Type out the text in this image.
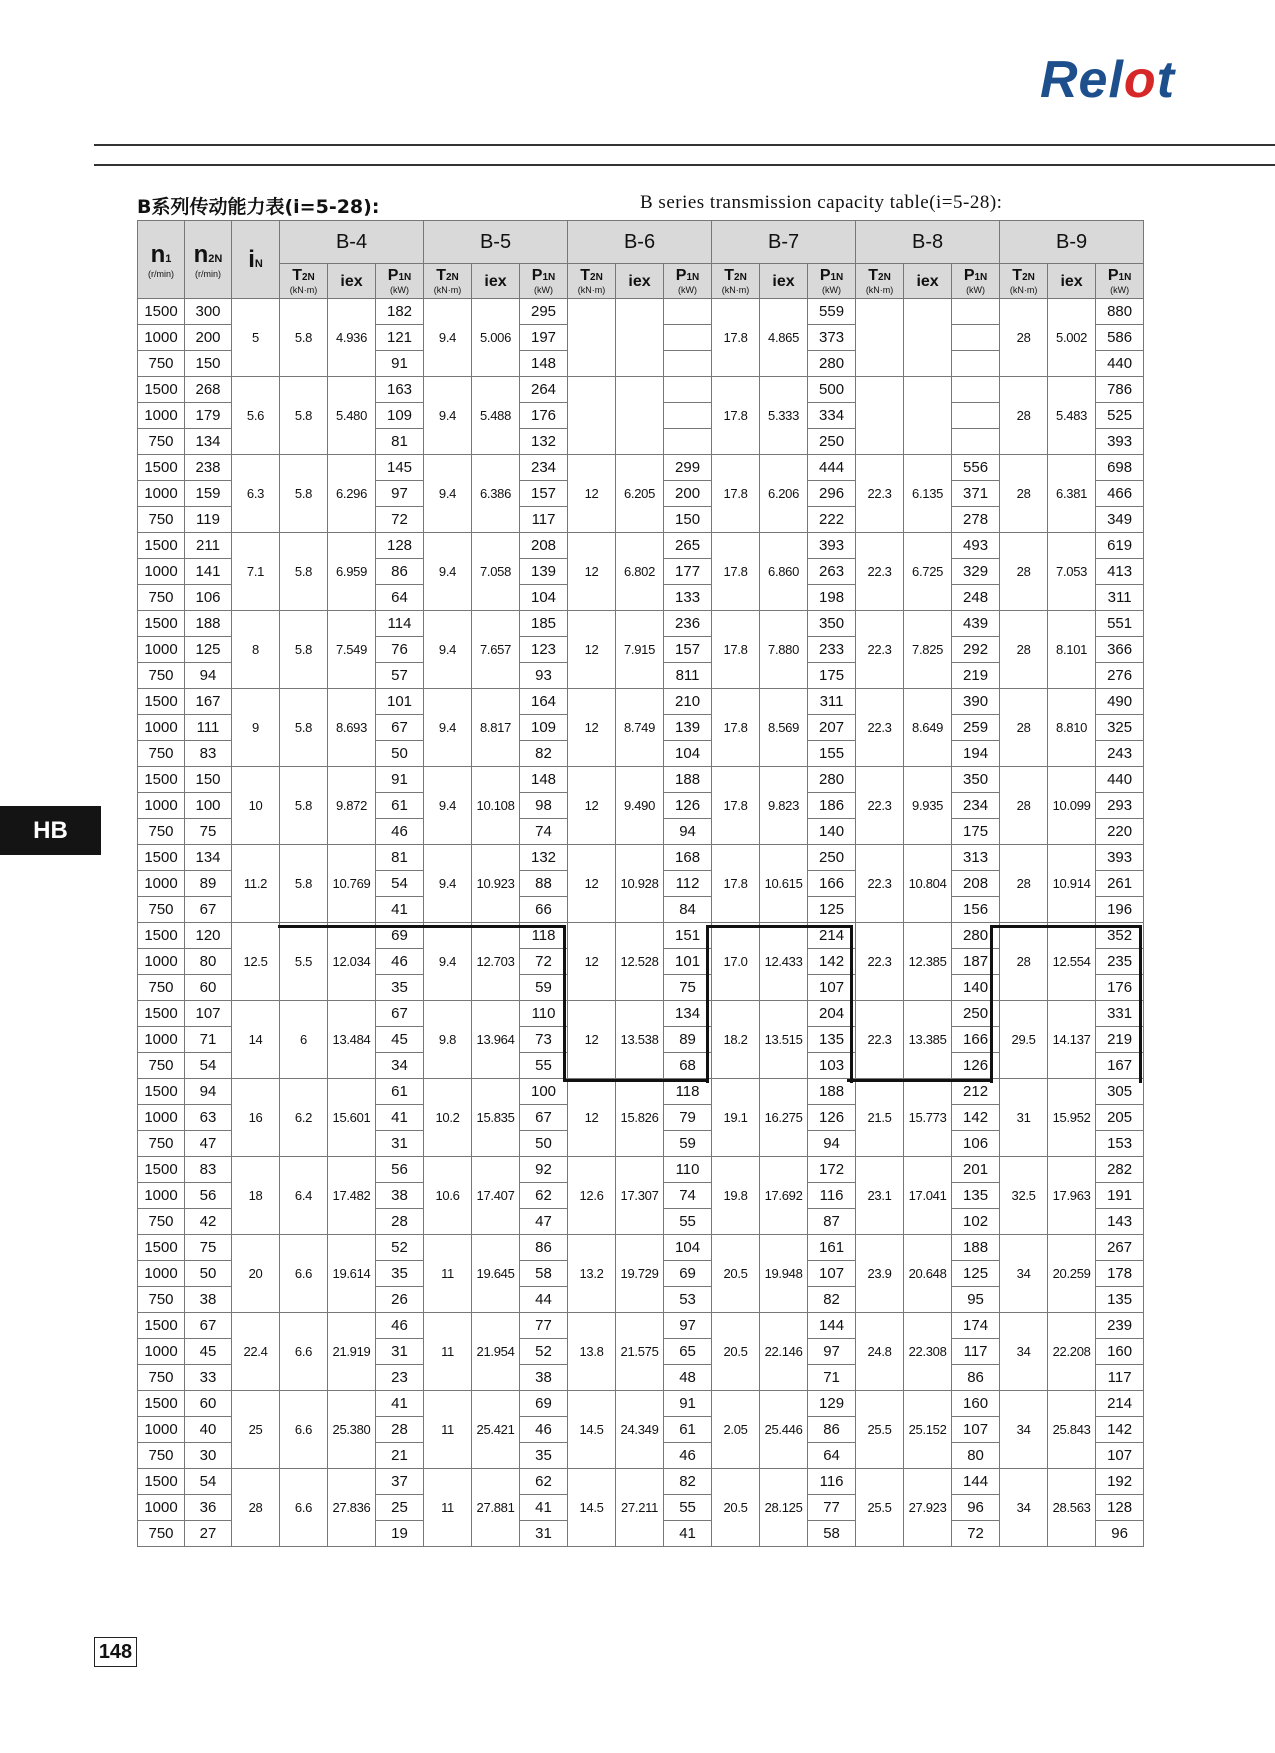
Relot
B系列传动能力表(i=5-28):	B series transmission capacity table(i=5-28):
HB
n1
(r/min)	n2N
(r/min)	iN	B-4			B-5			B-6			B-7			B-8			B-9		

			T2N
(kN·m)	iex	P1N
(kW)	T2N
(kN·m)	iex	P1N
(kW)	T2N
(kN·m)	iex	P1N
(kW)	T2N
(kN·m)	iex	P1N
(kW)	T2N
(kN·m)	iex	P1N
(kW)	T2N
(kN·m)	iex	P1N
(kW)

1500	300	5	5.8	4.936	182	9.4	5.006	295				17.8	4.865	559				28	5.002	880
1000	200				121			197						373						586
750	150				91			148						280						440
1500	268	5.6	5.8	5.480	163	9.4	5.488	264				17.8	5.333	500				28	5.483	786
1000	179				109			176						334						525
750	134				81			132						250						393
1500	238	6.3	5.8	6.296	145	9.4	6.386	234	12	6.205	299	17.8	6.206	444	22.3	6.135	556	28	6.381	698
1000	159				97			157			200			296			371			466
750	119				72			117			150			222			278			349
1500	211	7.1	5.8	6.959	128	9.4	7.058	208	12	6.802	265	17.8	6.860	393	22.3	6.725	493	28	7.053	619
1000	141				86			139			177			263			329			413
750	106				64			104			133			198			248			311
1500	188	8	5.8	7.549	114	9.4	7.657	185	12	7.915	236	17.8	7.880	350	22.3	7.825	439	28	8.101	551
1000	125				76			123			157			233			292			366
750	94				57			93			811			175			219			276
1500	167	9	5.8	8.693	101	9.4	8.817	164	12	8.749	210	17.8	8.569	311	22.3	8.649	390	28	8.810	490
1000	111				67			109			139			207			259			325
750	83				50			82			104			155			194			243
1500	150	10	5.8	9.872	91	9.4	10.108	148	12	9.490	188	17.8	9.823	280	22.3	9.935	350	28	10.099	440
1000	100				61			98			126			186			234			293
750	75				46			74			94			140			175			220
1500	134	11.2	5.8	10.769	81	9.4	10.923	132	12	10.928	168	17.8	10.615	250	22.3	10.804	313	28	10.914	393
1000	89				54			88			112			166			208			261
750	67				41			66			84			125			156			196
1500	120	12.5	5.5	12.034	69	9.4	12.703	118	12	12.528	151	17.0	12.433	214	22.3	12.385	280	28	12.554	352
1000	80				46			72			101			142			187			235
750	60				35			59			75			107			140			176
1500	107	14	6	13.484	67	9.8	13.964	110	12	13.538	134	18.2	13.515	204	22.3	13.385	250	29.5	14.137	331
1000	71				45			73			89			135			166			219
750	54				34			55			68			103			126			167
1500	94	16	6.2	15.601	61	10.2	15.835	100	12	15.826	118	19.1	16.275	188	21.5	15.773	212	31	15.952	305
1000	63				41			67			79			126			142			205
750	47				31			50			59			94			106			153
1500	83	18	6.4	17.482	56	10.6	17.407	92	12.6	17.307	110	19.8	17.692	172	23.1	17.041	201	32.5	17.963	282
1000	56				38			62			74			116			135			191
750	42				28			47			55			87			102			143
1500	75	20	6.6	19.614	52	11	19.645	86	13.2	19.729	104	20.5	19.948	161	23.9	20.648	188	34	20.259	267
1000	50				35			58			69			107			125			178
750	38				26			44			53			82			95			135
1500	67	22.4	6.6	21.919	46	11	21.954	77	13.8	21.575	97	20.5	22.146	144	24.8	22.308	174	34	22.208	239
1000	45				31			52			65			97			117			160
750	33				23			38			48			71			86			117
1500	60	25	6.6	25.380	41	11	25.421	69	14.5	24.349	91	2.05	25.446	129	25.5	25.152	160	34	25.843	214
1000	40				28			46			61			86			107			142
750	30				21			35			46			64			80			107
1500	54	28	6.6	27.836	37	11	27.881	62	14.5	27.211	82	20.5	28.125	116	25.5	27.923	144	34	28.563	192
1000	36				25			41			55			77			96			128
750	27				19			31			41			58			72			96
148
